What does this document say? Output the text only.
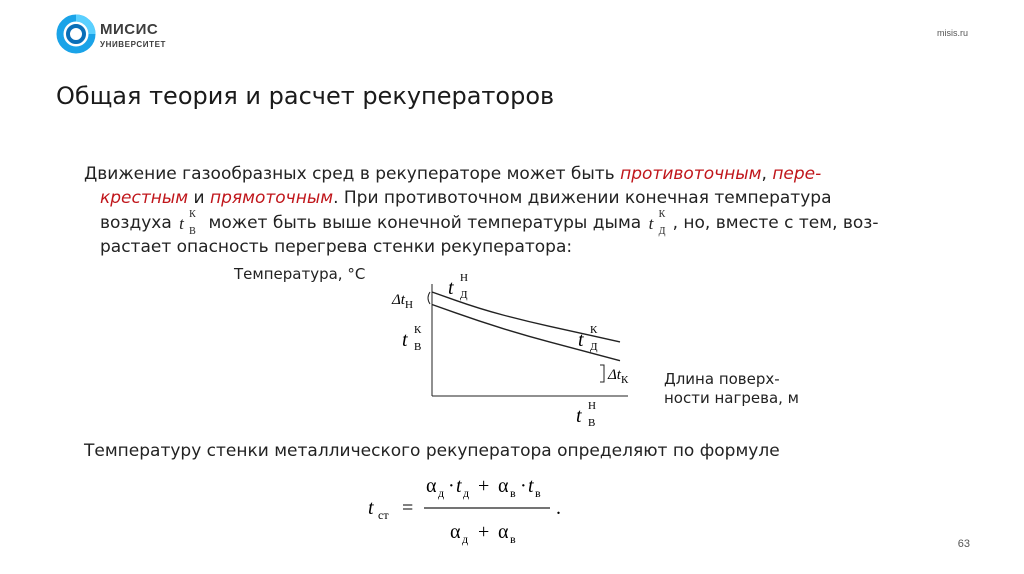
МИСИС
УНИВЕРСИТЕТ
misis.ru
Общая теория и расчет рекуператоров
Движение газообразных сред в рекуператоре может быть противоточным, пере-
крестным и прямоточным. При противоточном движении конечная температура
воздуха t К
В может быть выше конечной температуры дыма t К
Д , но, вместе с тем, воз-
растает опасность перегрева стенки рекуператора:
Температура, °С
$\Delta t_Н$
t Н
Д
t К
В	t К
Д
$\Delta t_К$
t Н
В
Длина поверх-
ности нагрева, м
Температуру стенки металлического рекуператора определяют по формуле
t ст =
α д · t д + α в · t в
α д + α в
.
63
